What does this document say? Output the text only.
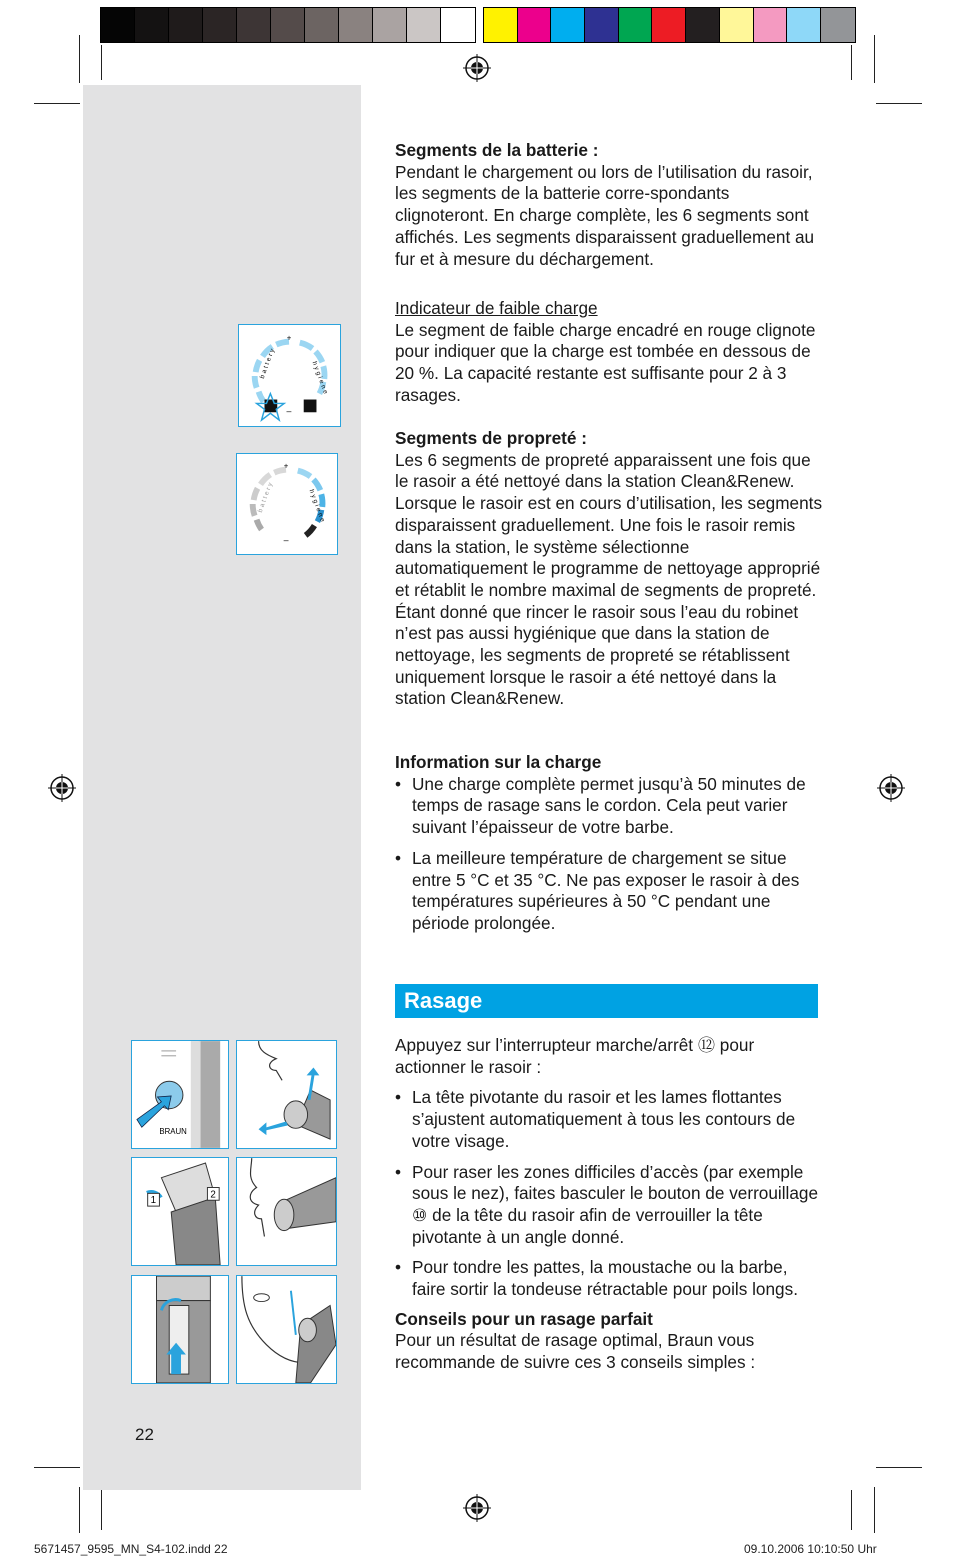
+
–
battery	hygiene
+
–
battery	hygiene
BRAUN
1
2

Segments de la batterie :

Pendant le chargement ou lors de l’utilisation du rasoir, les segments de la batterie corre-spondants clignoteront. En charge complète, les 6 segments sont affichés. Les segments disparaissent graduellement au fur et à mesure du déchargement.

Indicateur de faible charge

Le segment de faible charge encadré en rouge clignote pour indiquer que la charge est tombée en dessous de 20 %. La capacité restante est suffisante pour 2 à 3 rasages.

Segments de propreté :

Les 6 segments de propreté apparaissent une fois que le rasoir a été nettoyé dans la station Clean&Renew. Lorsque le rasoir est en cours d’utilisation, les segments disparaissent graduellement. Une fois le rasoir remis dans la station, le système sélectionne automatiquement le programme de nettoyage approprié et rétablit le nombre maximal de segments de propreté. Étant donné que rincer le rasoir sous l’eau du robinet n’est pas aussi hygiénique que dans la station de nettoyage, les segments de propreté se rétablissent uniquement lorsque le rasoir a été nettoyé dans la station Clean&Renew.

Information sur la charge

• Une charge complète permet jusqu’à 50 minutes de temps de rasage sans le cordon. Cela peut varier suivant l’épaisseur de votre barbe.
• La meilleure température de chargement se situe entre 5 °C et 35 °C. Ne pas exposer le rasoir à des températures supérieures à 50 °C pendant une période prolongée.
Rasage

Appuyez sur l’interrupteur marche/arrêt ⑫ pour actionner le rasoir :

• La tête pivotante du rasoir et les lames flottantes s’ajustent automatiquement à tous les contours de votre visage.
• Pour raser les zones difficiles d’accès (par exemple sous le nez), faites basculer le bouton de verrouillage ⑩ de la tête du rasoir afin de verrouiller la tête pivotante à un angle donné.
• Pour tondre les pattes, la moustache ou la barbe, faire sortir la tondeuse rétractable pour poils longs.

Conseils pour un rasage parfait

Pour un résultat de rasage optimal, Braun vous recommande de suivre ces 3 conseils simples :

22
5671457_9595_MN_S4-102.indd 22	09.10.2006 10:10:50 Uhr
